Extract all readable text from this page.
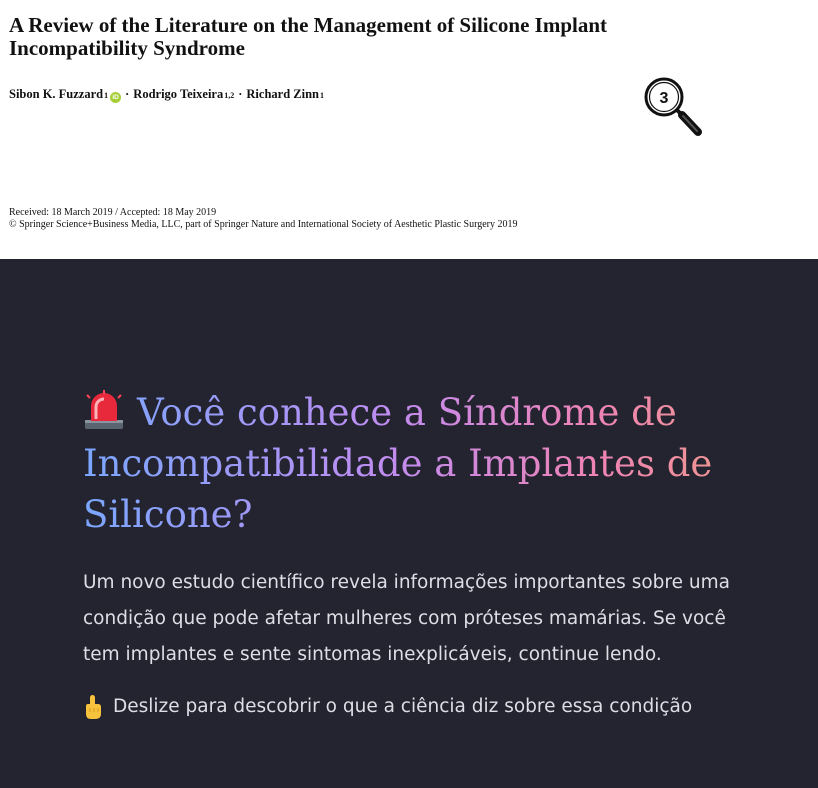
A Review of the Literature on the Management of Silicone Implant Incompatibility Syndrome
Sibon K. Fuzzard 1 iD · Rodrigo Teixeira 1,2 · Richard Zinn 1	3
Received: 18 March 2019 / Accepted: 18 May 2019
© Springer Science+Business Media, LLC, part of Springer Nature and International Society of Aesthetic Plastic Surgery 2019
Você conhece a Síndrome de Incompatibilidade a Implantes de Silicone?

Um novo estudo científico revela informações importantes sobre uma condição que pode afetar mulheres com próteses mamárias. Se você tem implantes e sente sintomas inexplicáveis, continue lendo.

Deslize para descobrir o que a ciência diz sobre essa condição
